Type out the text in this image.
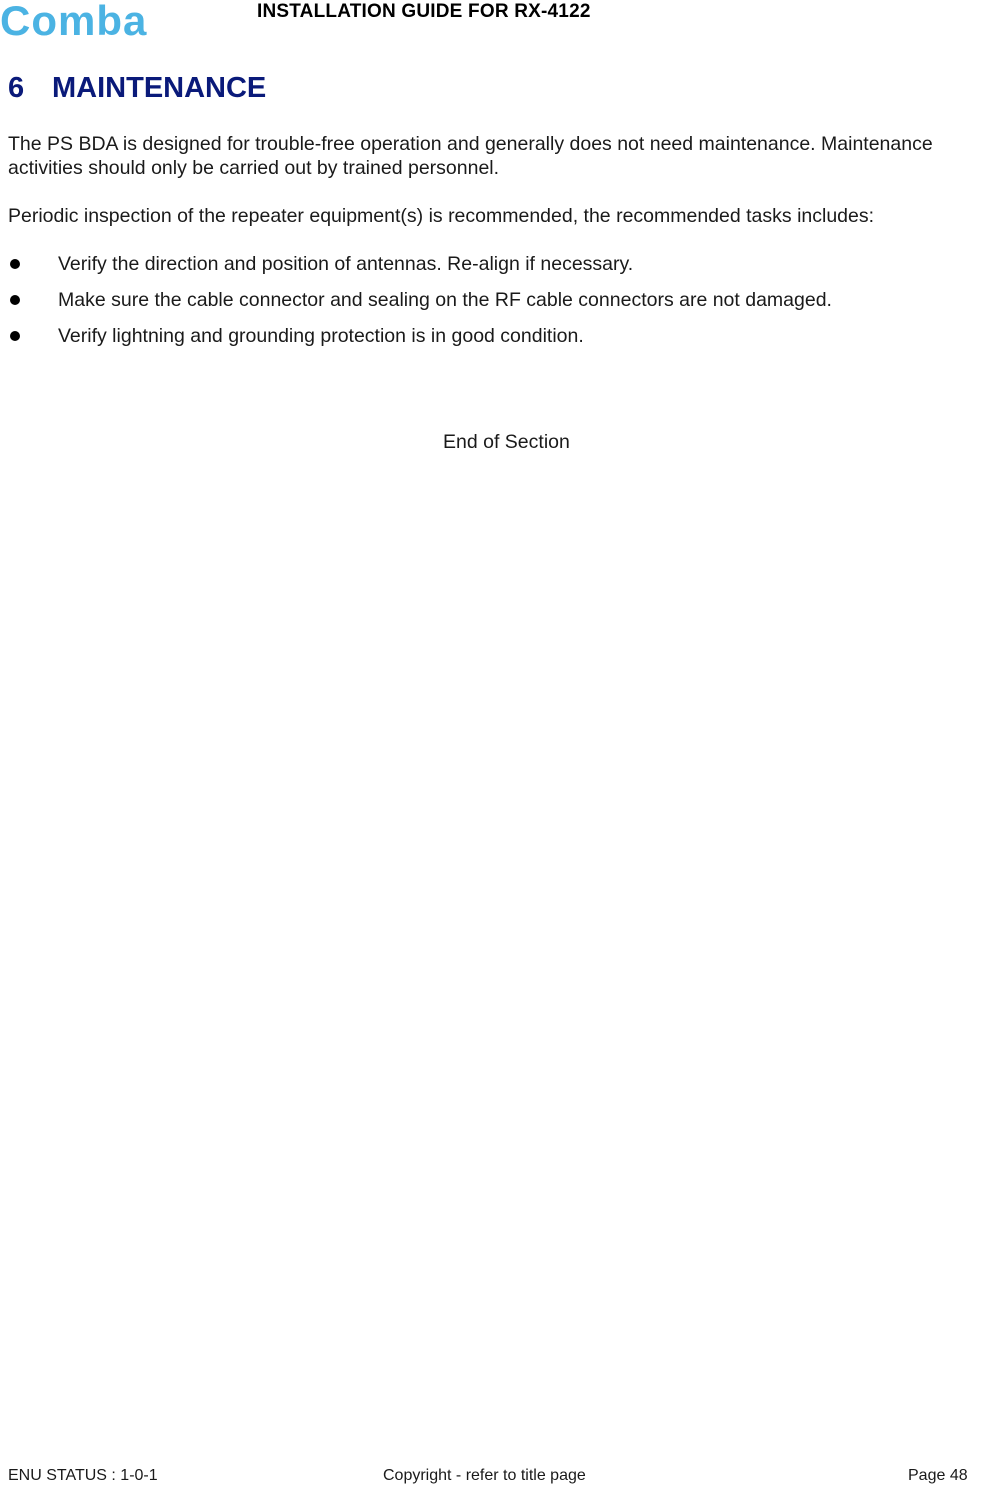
Comba	INSTALLATION GUIDE FOR RX-4122
6 MAINTENANCE
The PS BDA is designed for trouble-free operation and generally does not need maintenance. Maintenance activities should only be carried out by trained personnel.
Periodic inspection of the repeater equipment(s) is recommended, the recommended tasks includes:
Verify the direction and position of antennas. Re-align if necessary.
Make sure the cable connector and sealing on the RF cable connectors are not damaged.
Verify lightning and grounding protection is in good condition.
End of Section
ENU STATUS : 1-0-1	Copyright - refer to title page	Page 48
